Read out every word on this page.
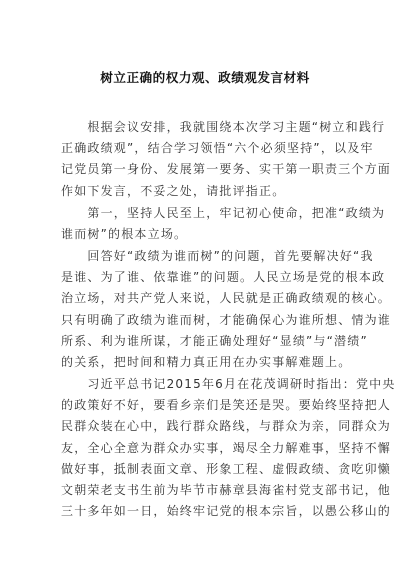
树立正确的权力观、政绩观发言材料
　　根据会议安排，我就围绕本次学习主题“树立和践行
正确政绩观”，结合学习领悟“六个必须坚持”，以及牢
记党员第一身份、发展第一要务、实干第一职责三个方面
作如下发言，不妥之处，请批评指正。
　　第一，坚持人民至上，牢记初心使命，把准“政绩为
谁而树”的根本立场。
　　回答好“政绩为谁而树”的问题，首先要解决好“我
是谁、为了谁、依靠谁”的问题。人民立场是党的根本政
治立场，对共产党人来说，人民就是正确政绩观的核心。
只有明确了政绩为谁而树，才能确保心为谁所想、情为谁
所系、利为谁所谋，才能正确处理好“显绩”与“潜绩”
的关系，把时间和精力真正用在办实事解难题上。
　　习近平总书记2015年6月在花茂调研时指出：党中央
的政策好不好，要看乡亲们是笑还是哭。要始终坚持把人
民群众装在心中，践行群众路线，与群众为亲，同群众为
友，全心全意为群众办实事，竭尽全力解难事，坚持不懈
做好事，抵制表面文章、形象工程、虚假政绩、贪吃卯懒
文朝荣老支书生前为毕节市赫章县海雀村党支部书记，他
三十多年如一日，始终牢记党的根本宗旨，以愚公移山的
